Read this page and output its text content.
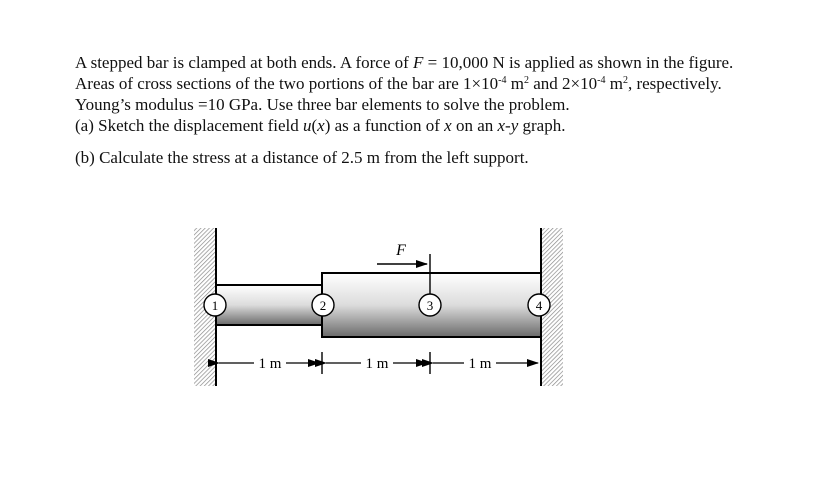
A stepped bar is clamped at both ends. A force of F = 10,000 N is applied as shown in the figure. Areas of cross sections of the two portions of the bar are $1\times 10^{-4}$ $m^2$ and $2\times 10^{-4}$ $m^2$, respectively. Young’s modulus =10 GPa. Use three bar elements to solve the problem.

(a) Sketch the displacement field u(x) as a function of x on an x-y graph.

(b) Calculate the stress at a distance of 2.5 m from the left support.

F
1	2	3	4
1 m	1 m	1 m
